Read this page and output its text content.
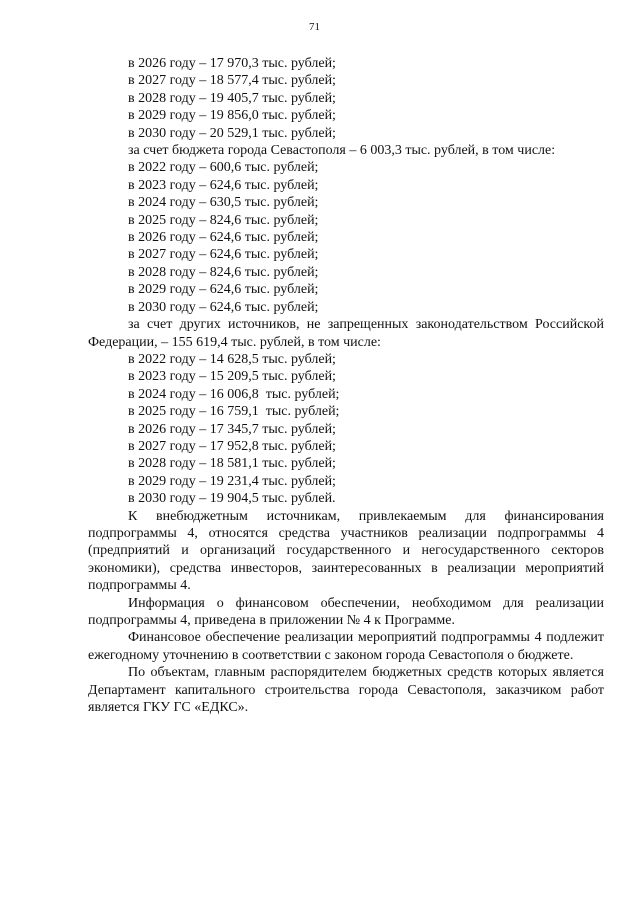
71

в 2026 году – 17 970,3 тыс. рублей;

в 2027 году – 18 577,4 тыс. рублей;

в 2028 году – 19 405,7 тыс. рублей;

в 2029 году – 19 856,0 тыс. рублей;

в 2030 году – 20 529,1 тыс. рублей;

за счет бюджета города Севастополя – 6 003,3 тыс. рублей, в том числе:

в 2022 году – 600,6 тыс. рублей;

в 2023 году – 624,6 тыс. рублей;

в 2024 году – 630,5 тыс. рублей;

в 2025 году – 824,6 тыс. рублей;

в 2026 году – 624,6 тыс. рублей;

в 2027 году – 624,6 тыс. рублей;

в 2028 году – 824,6 тыс. рублей;

в 2029 году – 624,6 тыс. рублей;

в 2030 году – 624,6 тыс. рублей;

за счет других источников, не запрещенных законодательством Российской Федерации, – 155 619,4 тыс. рублей, в том числе:

в 2022 году – 14 628,5 тыс. рублей;

в 2023 году – 15 209,5 тыс. рублей;

в 2024 году – 16 006,8  тыс. рублей;

в 2025 году – 16 759,1  тыс. рублей;

в 2026 году – 17 345,7 тыс. рублей;

в 2027 году – 17 952,8 тыс. рублей;

в 2028 году – 18 581,1 тыс. рублей;

в 2029 году – 19 231,4 тыс. рублей;

в 2030 году – 19 904,5 тыс. рублей.

К внебюджетным источникам, привлекаемым для финансирования подпрограммы 4, относятся средства участников реализации подпрограммы 4 (предприятий и организаций государственного и негосударственного секторов экономики), средства инвесторов, заинтересованных в реализации мероприятий подпрограммы 4.

Информация о финансовом обеспечении, необходимом для реализации подпрограммы 4, приведена в приложении № 4 к Программе.

Финансовое обеспечение реализации мероприятий подпрограммы 4 подлежит ежегодному уточнению в соответствии с законом города Севастополя о бюджете.

По объектам, главным распорядителем бюджетных средств которых является Департамент капитального строительства города Севастополя, заказчиком работ является ГКУ ГС «ЕДКС».
